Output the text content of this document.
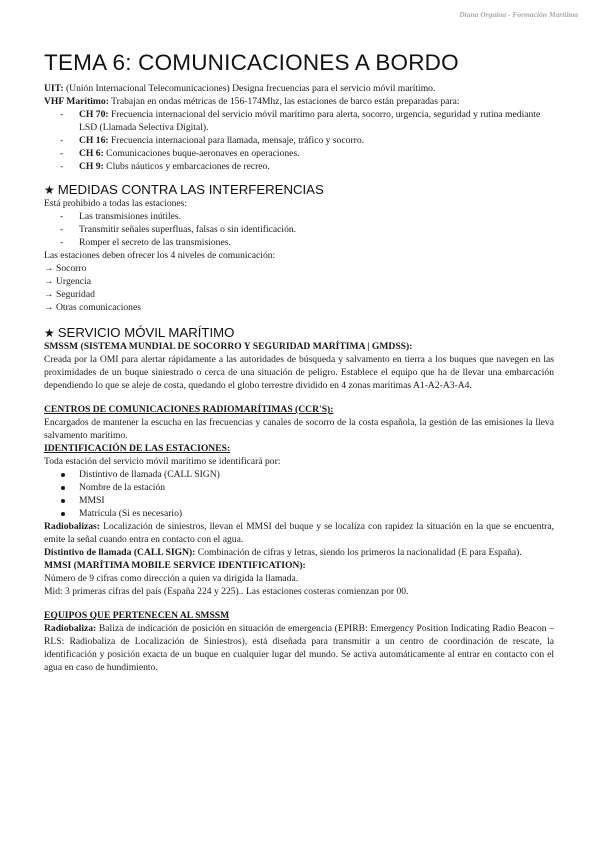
Diana Orgaina - Formación Marítima
TEMA 6: COMUNICACIONES A BORDO

UIT: (Unión Internacional Telecomunicaciones) Designa frecuencias para el servicio móvil marítimo.

VHF Marítimo: Trabajan en ondas métricas de 156-174Mhz, las estaciones de barco están preparadas para:

- CH 70: Frecuencia internacional del servicio móvil marítimo para alerta, socorro, urgencia, seguridad y rutina mediante LSD (Llamada Selectiva Digital).
- CH 16: Frecuencia internacional para llamada, mensaje, tráfico y socorro.
- CH 6: Comunicaciones buque-aeronaves en operaciones.
- CH 9: Clubs náuticos y embarcaciones de recreo.
★ MEDIDAS CONTRA LAS INTERFERENCIAS

Está prohibido a todas las estaciones:

- Las transmisiones inútiles.
- Transmitir señales superfluas, falsas o sin identificación.
- Romper el secreto de las transmisiones.

Las estaciones deben ofrecer los 4 niveles de comunicación:

→ Socorro

→ Urgencia

→ Seguridad

→ Otras comunicaciones

★ SERVICIO MÓVIL MARÍTIMO

SMSSM (SISTEMA MUNDIAL DE SOCORRO Y SEGURIDAD MARÍTIMA | GMDSS):

Creada por la OMI para alertar rápidamente a las autoridades de búsqueda y salvamento en tierra a los buques que navegen en las proximidades de un buque siniestrado o cerca de una situación de peligro. Establece el equipo que ha de llevar una embarcación dependiendo lo que se aleje de costa, quedando el globo terrestre dividido en 4 zonas marítimas A1-A2-A3-A4.

CENTROS DE COMUNICACIONES RADIOMARÍTIMAS (CCR'S):

Encargados de mantener la escucha en las frecuencias y canales de socorro de la costa española, la gestión de las emisiones la lleva salvamento marítimo.

IDENTIFICACIÓN DE LAS ESTACIONES:

Toda estación del servicio móvil marítimo se identificará por:

Distintivo de llamada (CALL SIGN)
Nombre de la estación
MMSI
Matrícula (Si es necesario)

Radiobalizas: Localización de siniestros, llevan el MMSI del buque y se localiza con rapidez la situación en la que se encuentra, emite la señal cuando entra en contacto con el agua.

Distintivo de llamada (CALL SIGN): Combinación de cifras y letras, siendo los primeros la nacionalidad (E para España).

MMSI (MARÍTIMA MOBILE SERVICE IDENTIFICATION):

Número de 9 cifras como dirección a quien va dirigida la llamada.

Mid: 3 primeras cifras del país (España 224 y 225).. Las estaciones costeras comienzan por 00.

EQUIPOS QUE PERTENECEN AL SMSSM

Radiobaliza: Baliza de indicación de posición en situación de emergencia (EPIRB: Emergency Position Indicating Radio Beacon – RLS: Radiobaliza de Localización de Siniestros), está diseñada para transmitir a un centro de coordinación de rescate, la identificación y posición exacta de un buque en cualquier lugar del mundo. Se activa automáticamente al entrar en contacto con el agua en caso de hundimiento.
